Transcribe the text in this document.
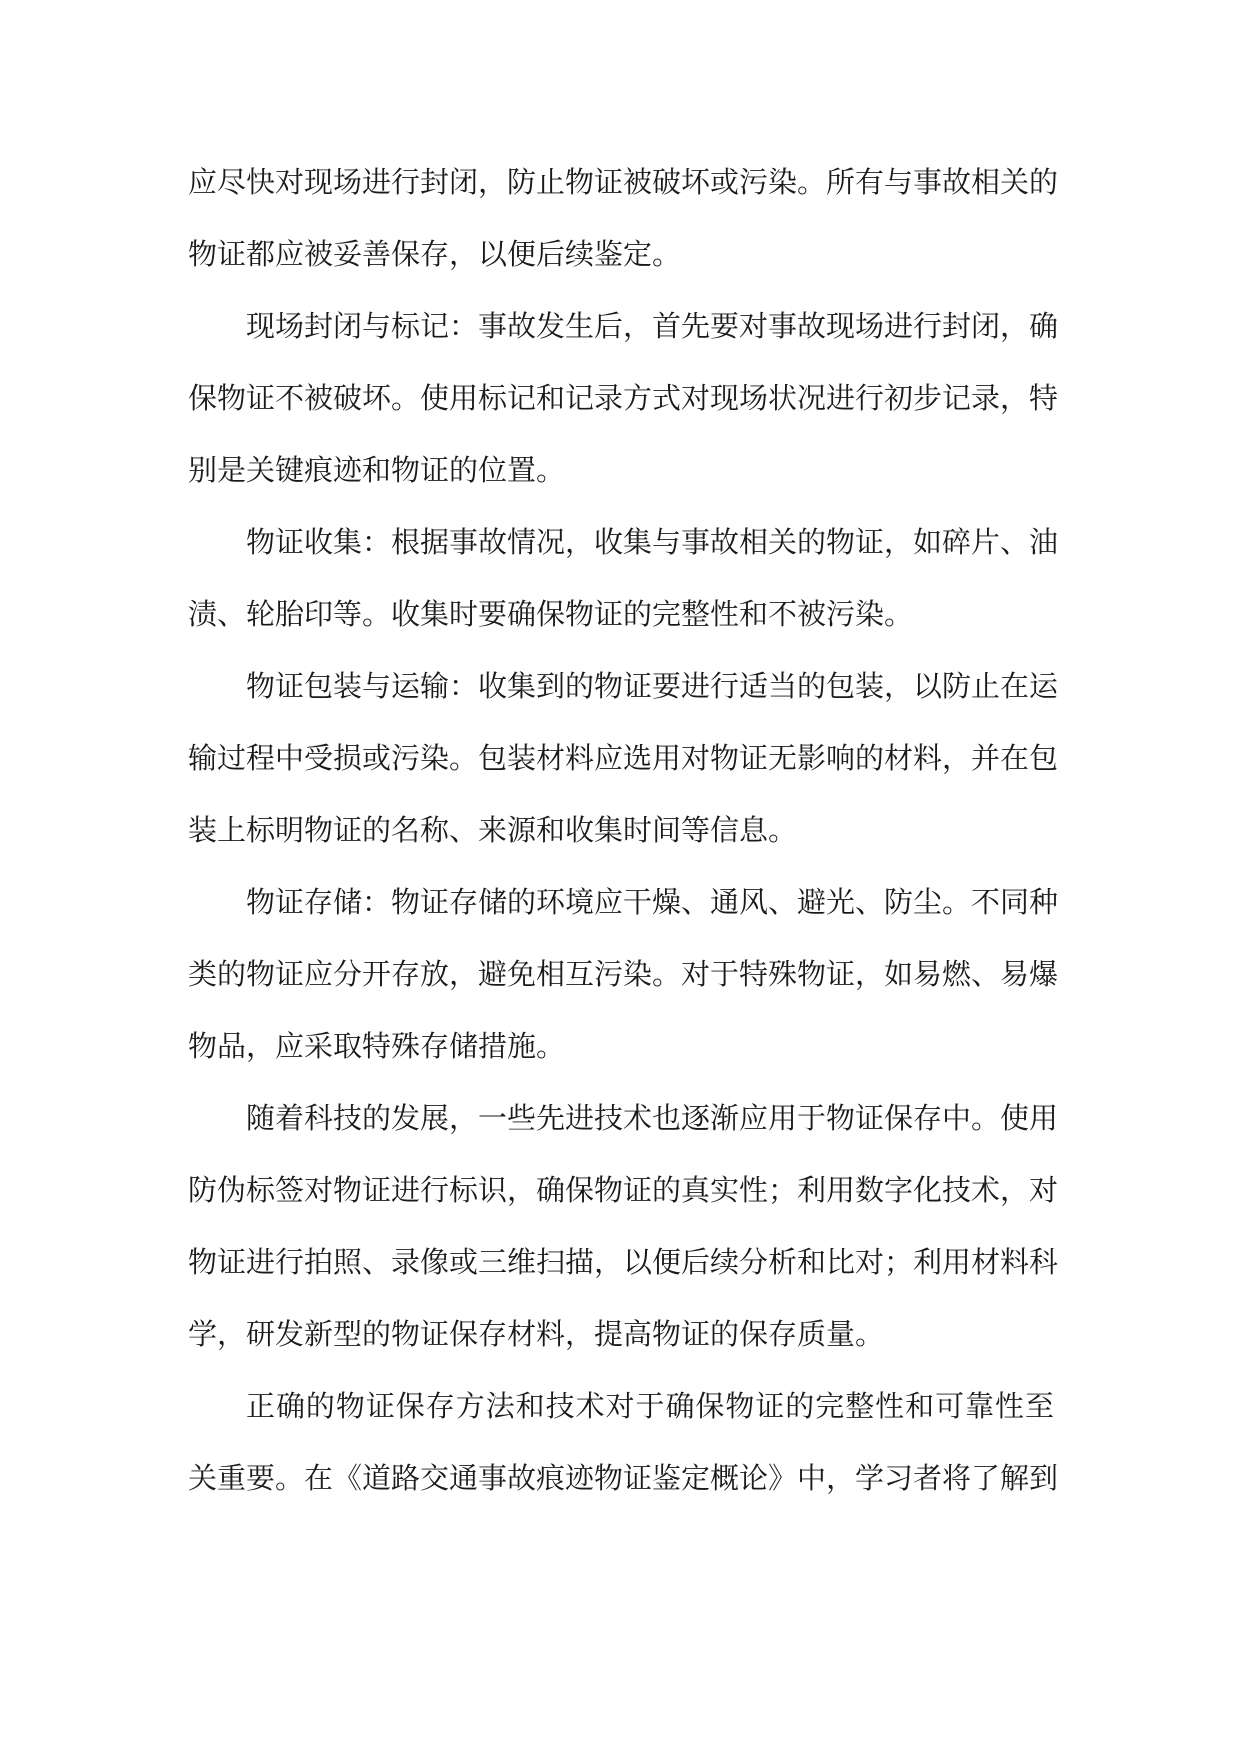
应尽快对现场进行封闭，防止物证被破坏或污染。所有与事故相关的
物证都应被妥善保存，以便后续鉴定。
现场封闭与标记：事故发生后，首先要对事故现场进行封闭，确
保物证不被破坏。使用标记和记录方式对现场状况进行初步记录，特
别是关键痕迹和物证的位置。
物证收集：根据事故情况，收集与事故相关的物证，如碎片、油
渍、轮胎印等。收集时要确保物证的完整性和不被污染。
物证包装与运输：收集到的物证要进行适当的包装，以防止在运
输过程中受损或污染。包装材料应选用对物证无影响的材料，并在包
装上标明物证的名称、来源和收集时间等信息。
物证存储：物证存储的环境应干燥、通风、避光、防尘。不同种
类的物证应分开存放，避免相互污染。对于特殊物证，如易燃、易爆
物品，应采取特殊存储措施。
随着科技的发展，一些先进技术也逐渐应用于物证保存中。使用
防伪标签对物证进行标识，确保物证的真实性；利用数字化技术，对
物证进行拍照、录像或三维扫描，以便后续分析和比对；利用材料科
学，研发新型的物证保存材料，提高物证的保存质量。
正确的物证保存方法和技术对于确保物证的完整性和可靠性至
关重要。在《道路交通事故痕迹物证鉴定概论》中，学习者将了解到
